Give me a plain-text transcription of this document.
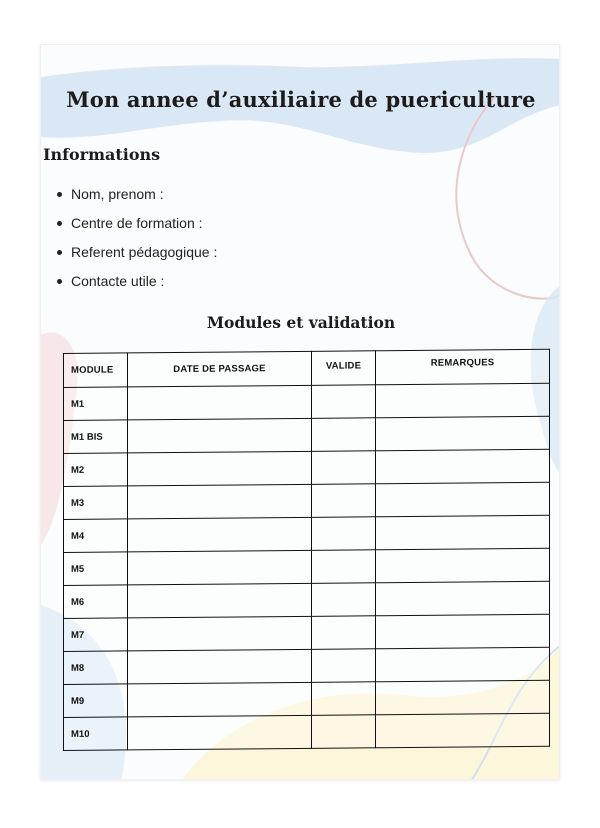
Mon annee d’auxiliaire de puericulture
Informations
Nom, prenom :
Centre de formation :
Referent pédagogique :
Contacte utile :
Modules et validation
MODULE	DATE DE PASSAGE	VALIDE	REMARQUES
M1			
M1 BIS			
M2			
M3			
M4			
M5			
M6			
M7			
M8			
M9			
M10			
